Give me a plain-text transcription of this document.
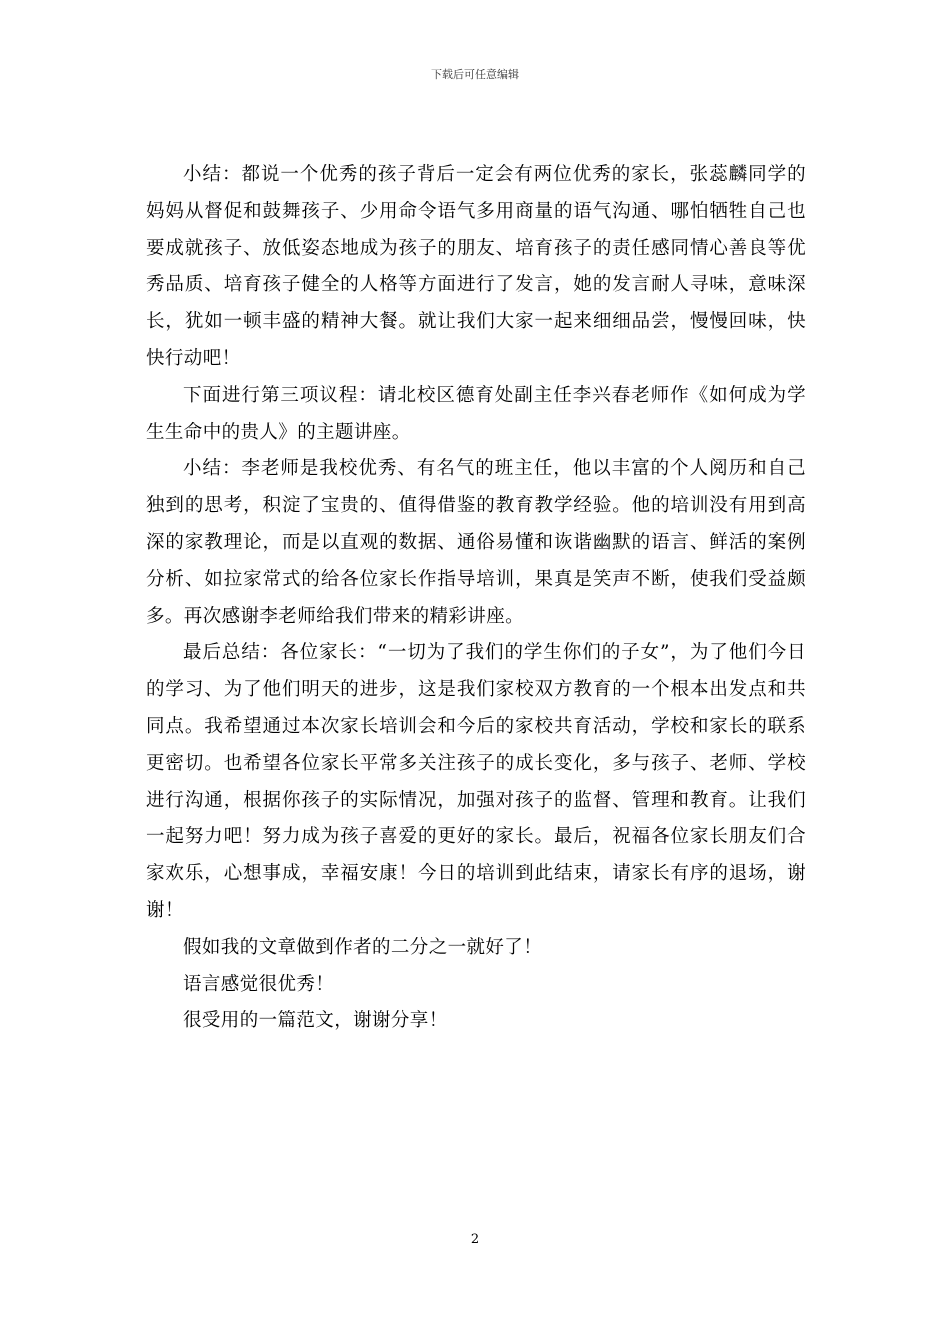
下载后可任意编辑

小结：都说一个优秀的孩子背后一定会有两位优秀的家长，张蕊麟同学的妈妈从督促和鼓舞孩子、少用命令语气多用商量的语气沟通、哪怕牺牲自己也要成就孩子、放低姿态地成为孩子的朋友、培育孩子的责任感同情心善良等优秀品质、培育孩子健全的人格等方面进行了发言，她的发言耐人寻味，意味深长，犹如一顿丰盛的精神大餐。就让我们大家一起来细细品尝，慢慢回味，快快行动吧！

下面进行第三项议程：请北校区德育处副主任李兴春老师作《如何成为学生生命中的贵人》的主题讲座。

小结：李老师是我校优秀、有名气的班主任，他以丰富的个人阅历和自己独到的思考，积淀了宝贵的、值得借鉴的教育教学经验。他的培训没有用到高深的家教理论，而是以直观的数据、通俗易懂和诙谐幽默的语言、鲜活的案例分析、如拉家常式的给各位家长作指导培训，果真是笑声不断，使我们受益颇多。再次感谢李老师给我们带来的精彩讲座。

最后总结：各位家长：“一切为了我们的学生你们的子女”，为了他们今日的学习、为了他们明天的进步，这是我们家校双方教育的一个根本出发点和共同点。我希望通过本次家长培训会和今后的家校共育活动，学校和家长的联系更密切。也希望各位家长平常多关注孩子的成长变化，多与孩子、老师、学校进行沟通，根据你孩子的实际情况，加强对孩子的监督、管理和教育。让我们一起努力吧！努力成为孩子喜爱的更好的家长。最后，祝福各位家长朋友们合家欢乐，心想事成，幸福安康！今日的培训到此结束，请家长有序的退场，谢谢！

假如我的文章做到作者的二分之一就好了！

语言感觉很优秀！

很受用的一篇范文，谢谢分享！

2
